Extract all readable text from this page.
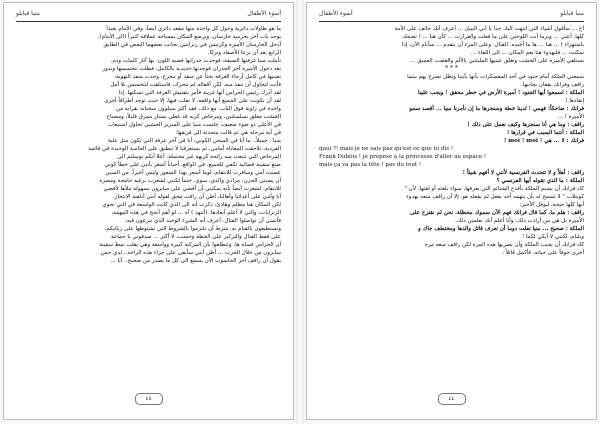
أسوء الأطفال
منيا قبايلو

ما هو طاولات دائرية وحول كل واحدة منها مقعد دائري أيضاً. وفي الأمام بعيداً

يوجد باب آخر يحرسه حارسان، ويرضع المكان بمساحة عملاقة كثيراً (الى الأمام).

أدخل الحارسان الأميرة وكرنيس في زنزانتين بجانب بعضهما البعض في الطابق

الرابع بعد أن نزعا الأصفاد وتركا.

تأملت منيا غرفتها الضيقة، فوجدت جدرانها فضية اللون، بها آثار كلمات ودم.

بعد دخول الأميرة آخر الجدران فوجدتها حديدية بالكامل، فظلت تتحسسها وتدور

بعينيها في كامل أرجاء الغرفة بحثاً عن منفذ أو مخرج، وجدت منفذ التهوية،

فأتت لتحاول أن تنفذ منه، لكن أقفاله لم تتحرك، فاستلقت لتتحسس بلا أمل

لقد أدرك رئيس الحراس أنها غريبة فأمر بتفتيش الغرفة التي تسكنها. إذا

لقد أن تكونت على الجميع أنها واقفة، لا تقلب فيها، إلا حيث توجد أطرافاً أخرى

واحدة في زاوية فوق الباب. مع ذلك، فقد أكثر سيلوون سحباته بقرابه من

الخشب معلق بسلسلتين، ومرحاض كريه قد غطى بستار ممزق قليلاً، ومصباح

في الأعلى ذو ضوء ضعيف، جلست منيا على السرير الخشبي تحاول استيعاب

في أية مرحلة هي ثم قالت متحدثة الى فريقها:

منيا : جميلاً.. ما أنا في السجن الكوني، أنا في آخر عرفة التي تكون مثل علبة

الفردية، تلاحقت المعاناة أمامي، ثم يستغرقنا لا تنطبق على الحاسة الوحيدة في قائمة

المرحاض التي تتبعث منه رائحة كريهة غير محتملة. أعلا أنكم توسلتم الى

صنع سفينة فضائية تكفي للجميع. في الواقع، أحياناً أشعر بأنني على خطأ كوني

عصيت أمي وسافرت للانتقام، لوما أشعر بهذا الشعور وليس أخيراً. من السبي

أن يصبني الحزن، مرادي والدي، سوي. حتماً لكنني لشعرت برغبة جامحة ومصرة

للانتقام، لشعرت أيضاً بأنه يمكنني أن أقضي على سايرون بسهولة ملأها لأفضي

أنا وأمي على أعدائنا وأهالنا، أظن أن راقت محق لقوله أنني أناهية الانتحار.

لكن المكان هنا مظلم وهادئ، ذكرت أنه الى الذي كانت الواسعة في التي تحوي

الزنزانات، والتي لا أعلم أبعادها. (أتنهد ) آه ... لو أهم أنجح في هذه المهمة،

فأتمنى أن تواصلوا القتال. أعرف أنه الشيء الوحيد الذي تبرعون فيه.

وتستطيعون بالقيام به. شرط أن تلتزموا بالشروط التي تشتوطها على زبائنكم.

على فقط القتال والتركيز على الخطة وحسب، لا أكثر ... صدقوني يا جماعة

أن الحراس قساة ها. وتتطلعوا بأن المركبة كبيرة وواسعة وهي بقلب نمط سفينة

سايرون من خلال الحرب ... أظن أنني سأبقى على جزاء هذه الراحة.. لدي حس

يقول أن راقف آخر الحاسوب الآن يسمع الى كل ما يصدر من ضجيج.. آنا ...

٤٥
منيا قبايلو
أسوء الأطفال

أخ ... سأقول أشياء التي انتهت اليك جداً يا أبي النبيل ... أعرف أنك خائف على الأمة

كلها. أعني ... وبرما أنت اللوحتي على ما فعلت والقرارت ... كأن هنا ... ( تضحك

باستهزاء ) ... هنا ... ها ما أجيده. القتال. وعلى المرء أن يتقدم ... سأنام الآن، إذا

تمكنت ... فليهدوء هنا يعم المكان ... الى اللقاء ...

تستلقي الأميرة على الخشب وتغلق عينيها المليئتين بالألم والغضب العميق ...

* * *

سمعني الملكة أمام جنود في أحد المعسكرات بأنها بأبينا وتظل تصرخ بهم بينما

راقف وفرانك يقفان بجانبها.

الملكة : اسمعوا أيها الجنود ! أميرة الأرض في خطر محقق ! ويجب علينا

إنقاذها !

فرانك : ضاحكاً: فهمي ! لدينا خطة وسنجرها ما إن نأمرنا منيا ... أقصد سمو

الأميرة ! ...

راقف : وما هي أنا سنجرها وكيف نعمل على ذلك !

الملكة : أنتما السبب في قرارها !

فرانك : لا ... هي ! moi ! moi !

quoi ?! mais je ne sais pas qu'est ce que tu dis !

Frank Dubois ! je propose à la princesse d'aller au espace !

mais ça va pas la tête ! pas du tout !

راقف : أهلاً و لا تتحدث الفرنسية لأنني لا أفهم شيئاً !

الملكة : ما الذي تقوله أيها الفرنسي ؟

كاد فرانك أن يشتم الملكة بأقذع الشتائم التي يعرفها، سواء بلغته أو لغتها. لأن "

كويتلاب " لا تسمح له بأن يتهمه أحد بفعل لم يفعله هو. إلا أن راقف منعه بهدوء

أنها كلها حيحة، ليوقل الأخير:

راقف : هلم ما، كما قال فرانك فهم الآن سموك محظلة، نحن لم نقترح على

الأميرة بل هي من أرادت ذلك، وأنا أعلم أنك تعلمين ذلك.

الملكة : صحيح ... منيا تعلت دوما أن تعرف قائل والدها ومختطف جاك و

ويليام، لكنني لا أبكي لكما !

كاد فرانك أن يجيب الملكة وأن يضربها هذه المرة لكن راقف منعه مرة

أخرى خوفاً على حياته، فأكمل قائلاً :

٤٤
